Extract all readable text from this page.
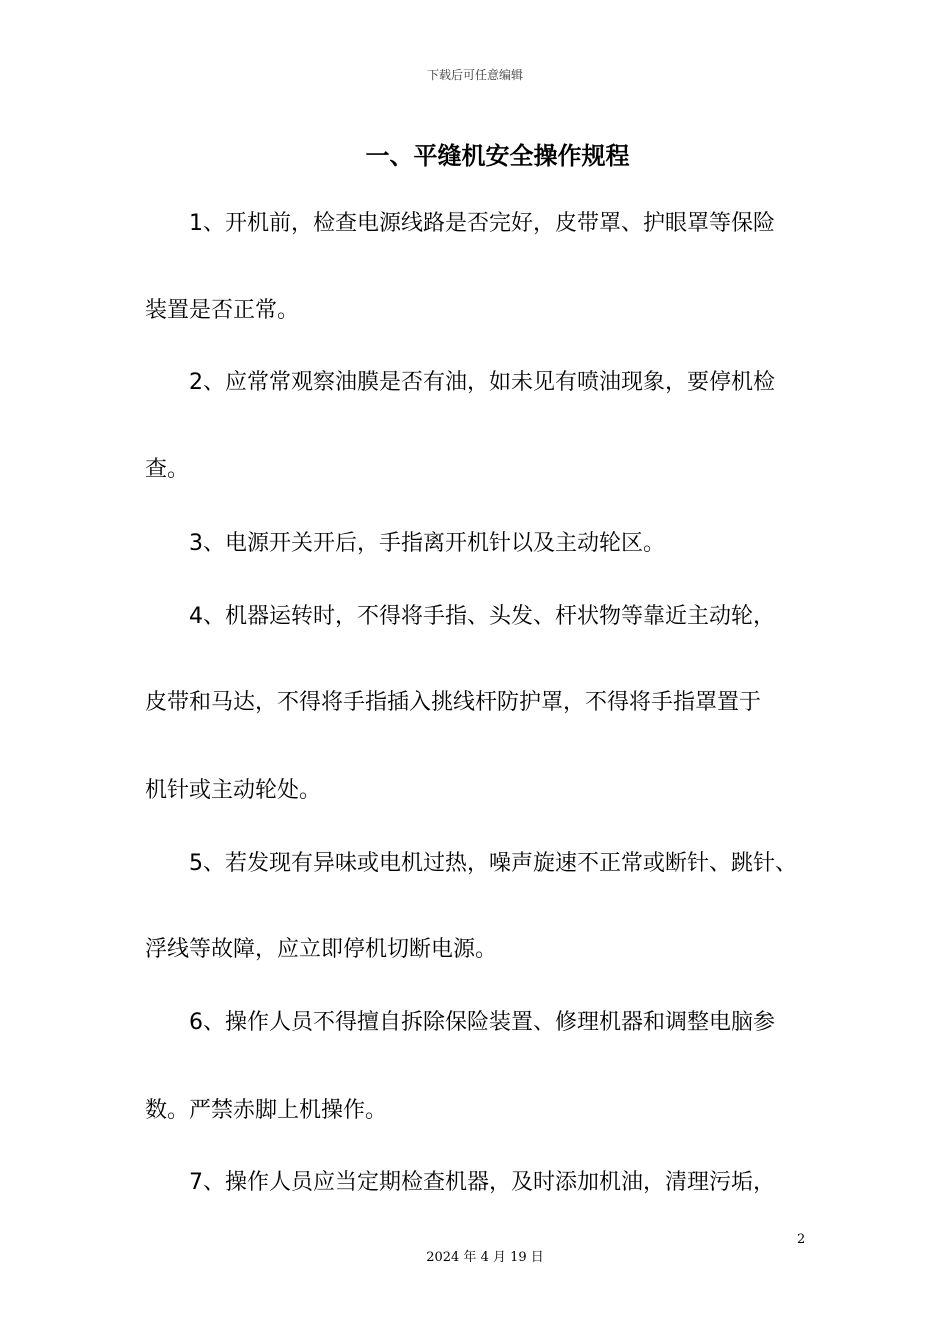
下载后可任意编辑
一、平缝机安全操作规程
1、开机前，检查电源线路是否完好，皮带罩、护眼罩等保险
装置是否正常。
2、应常常观察油膜是否有油，如未见有喷油现象，要停机检
查。
3、电源开关开后，手指离开机针以及主动轮区。
4、机器运转时，不得将手指、头发、杆状物等靠近主动轮，
皮带和马达，不得将手指插入挑线杆防护罩，不得将手指罩置于
机针或主动轮处。
5、若发现有异味或电机过热，噪声旋速不正常或断针、跳针、
浮线等故障，应立即停机切断电源。
6、操作人员不得擅自拆除保险装置、修理机器和调整电脑参
数。严禁赤脚上机操作。
7、操作人员应当定期检查机器，及时添加机油，清理污垢，
2
2024 年 4 月 19 日
